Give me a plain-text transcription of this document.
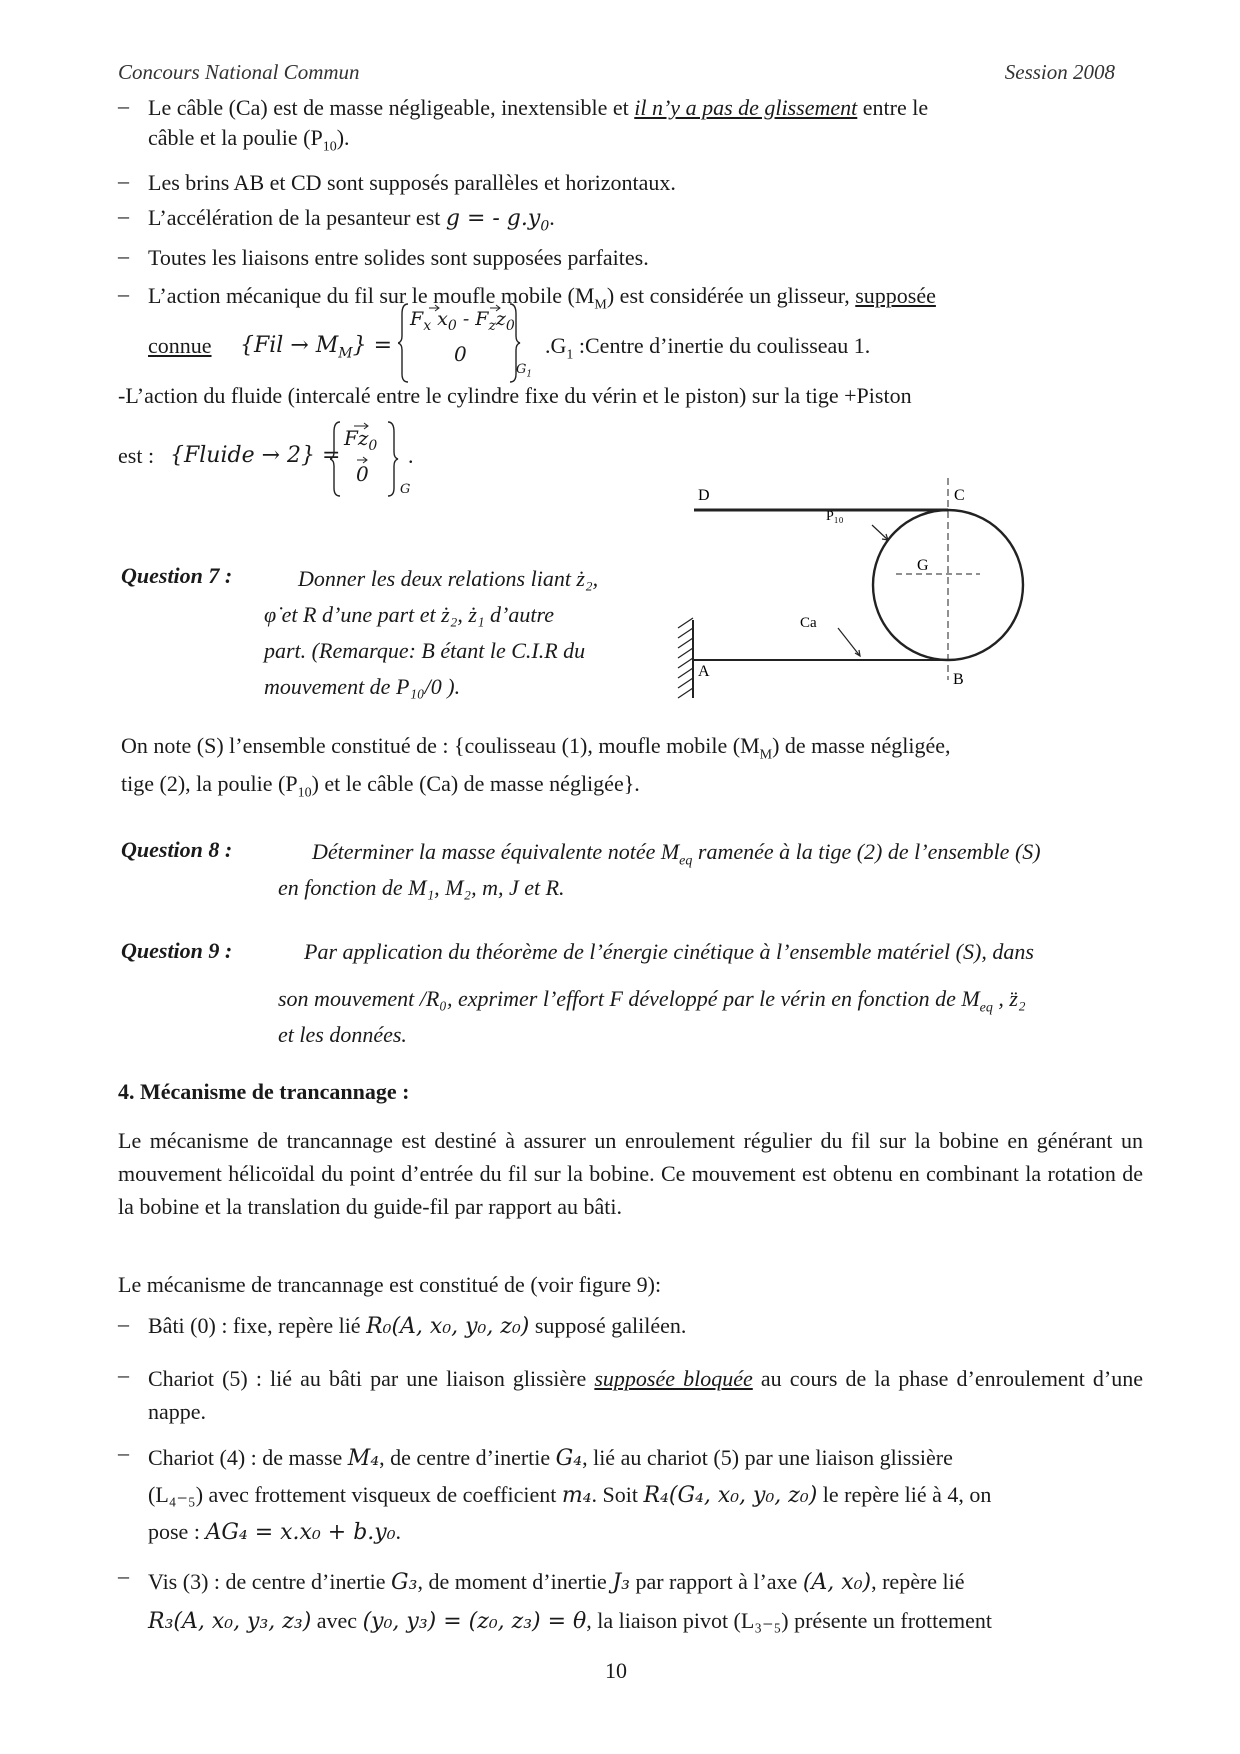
Concours National Commun	Session 2008
– Le câble (Ca) est de masse négligeable, inextensible et il n’y a pas de glissement entre le
câble et la poulie $(P_{10})$.
– Les brins AB et CD sont supposés parallèles et horizontaux.
– L’accélération de la pesanteur est g = - $g.y_0$.
– Toutes les liaisons entre solides sont supposées parfaites.
– L’action mécanique du fil sur le moufle mobile $(M_M)$ est considérée un glisseur, supposée
connue $\{Fil \to M_M\}$ =
$F_x$ $x_0 - F_zz_0$
0
$G_1$
$.G_1$ :Centre d’inertie du coulisseau 1.
-L’action du fluide (intercalé entre le cylindre fixe du vérin et le piston) sur la tige +Piston
est : {Fluide → 2} =
$Fz_0$
0
G
.
Question 7 :	Donner les deux relations liant ż₂,
φ̇ et R d’une part et ż₂, ż₁ d’autre
part. (Remarque: B étant le C.I.R du
mouvement de P₁₀/0 ).
D	C
P₁₀
G
Ca
A	B
On note (S) l’ensemble constitué de : {coulisseau (1), moufle mobile $(M_M)$ de masse négligée,
tige (2), la poulie $(P_{10})$ et le câble (Ca) de masse négligée}.
Question 8 :	Déterminer la masse équivalente notée $M_{eq}$ ramenée à la tige (2) de l’ensemble (S)
en fonction de M₁, M₂, m, J et R.
Question 9 :	Par application du théorème de l’énergie cinétique à l’ensemble matériel (S), dans
son mouvement /R₀, exprimer l’effort F développé par le vérin en fonction de $M_{eq}$ , z̈₂
et les données.
4. Mécanisme de trancannage :
Le mécanisme de trancannage est destiné à assurer un enroulement régulier du fil sur la bobine en générant un mouvement hélicoïdal du point d’entrée du fil sur la bobine. Ce mouvement est obtenu en combinant la rotation de la bobine et la translation du guide-fil par rapport au bâti.
Le mécanisme de trancannage est constitué de (voir figure 9):
– Bâti (0) : fixe, repère lié R₀(A, x₀, y₀, z₀) supposé galiléen.
– Chariot (5) : lié au bâti par une liaison glissière supposée bloquée au cours de la phase d’enroulement d’une nappe.
– Chariot (4) : de masse M₄, de centre d’inertie G₄, lié au chariot (5) par une liaison glissière
(L₄₋₅) avec frottement visqueux de coefficient m₄. Soit R₄(G₄, x₀, y₀, z₀) le repère lié à 4, on
pose : AG₄ = x.x₀ + b.y₀.
– Vis (3) : de centre d’inertie G₃, de moment d’inertie J₃ par rapport à l’axe (A, x₀), repère lié
R₃(A, x₀, y₃, z₃) avec (y₀, y₃) = (z₀, z₃) = θ, la liaison pivot (L₃₋₅) présente un frottement
10
